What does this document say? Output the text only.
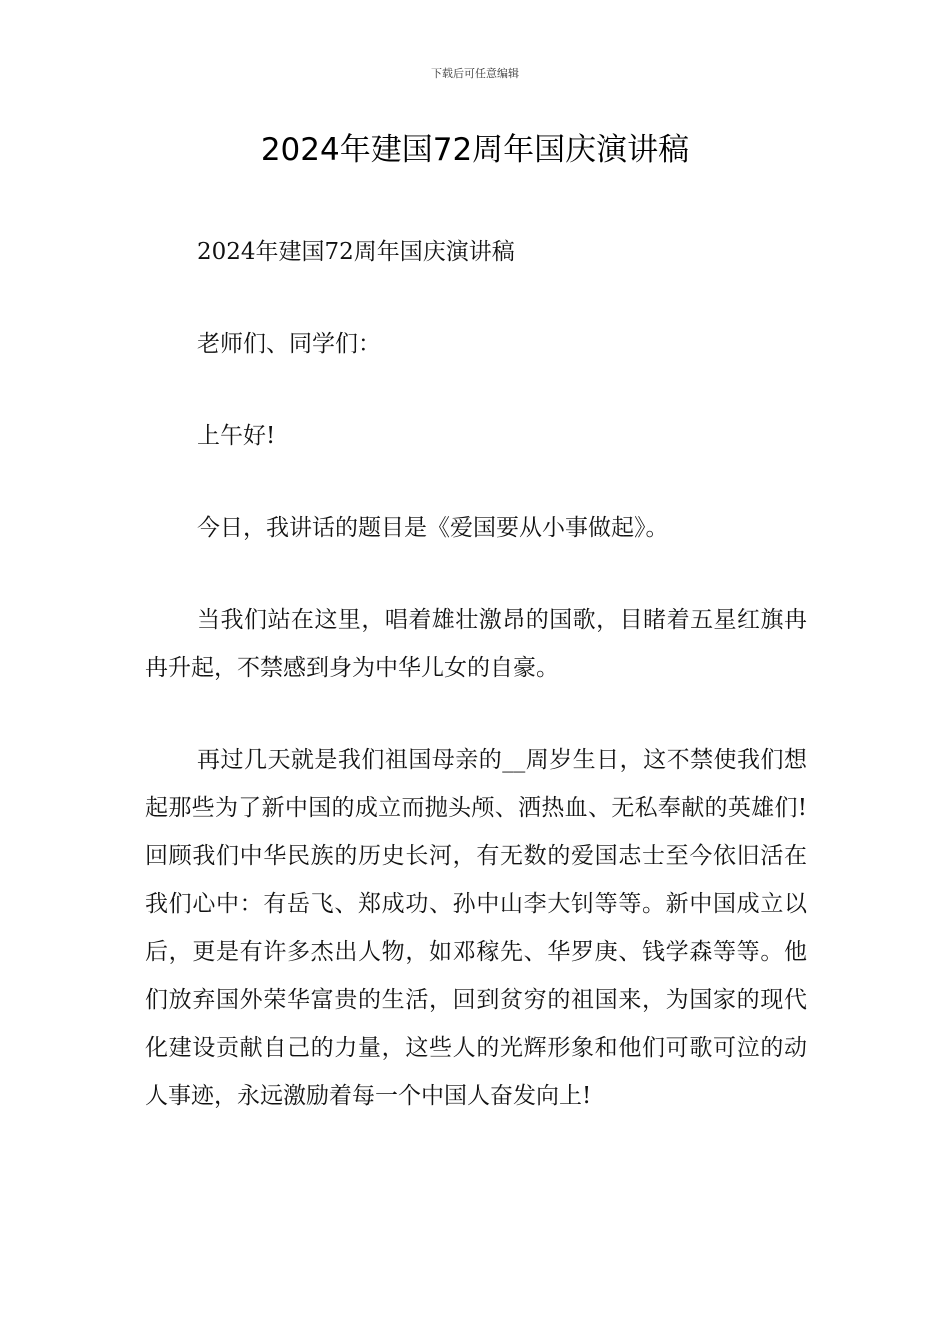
下载后可任意编辑
2024年建国72周年国庆演讲稿

2024年建国72周年国庆演讲稿

老师们、同学们：

上午好!

今日，我讲话的题目是《爱国要从小事做起》。

当我们站在这里，唱着雄壮激昂的国歌，目睹着五星红旗冉冉升起，不禁感到身为中华儿女的自豪。

再过几天就是我们祖国母亲的__周岁生日，这不禁使我们想起那些为了新中国的成立而抛头颅、洒热血、无私奉献的英雄们!回顾我们中华民族的历史长河，有无数的爱国志士至今依旧活在我们心中：有岳飞、郑成功、孙中山李大钊等等。新中国成立以后，更是有许多杰出人物，如邓稼先、华罗庚、钱学森等等。他们放弃国外荣华富贵的生活，回到贫穷的祖国来，为国家的现代化建设贡献自己的力量，这些人的光辉形象和他们可歌可泣的动人事迹，永远激励着每一个中国人奋发向上!
